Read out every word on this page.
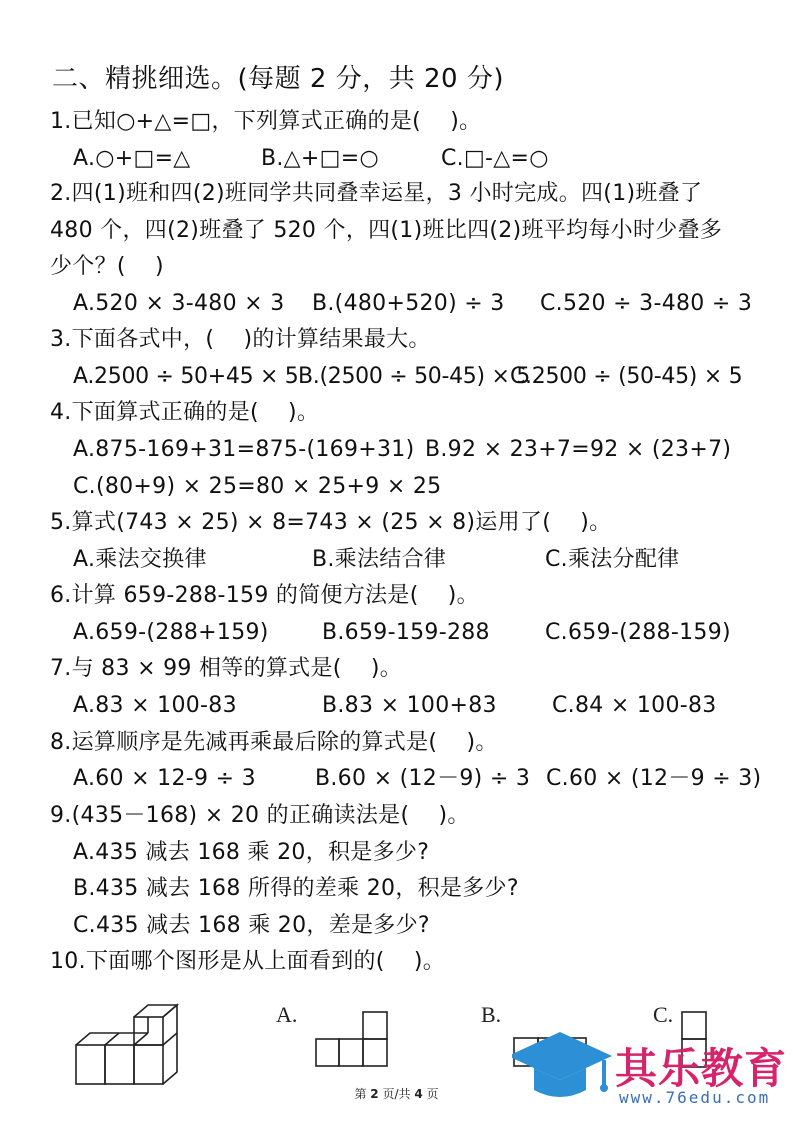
二、精挑细选。(每题 2 分，共 20 分)
1.已知○+△=□，下列算式正确的是(    )。
A.○+□=△	B.△+□=○	C.□-△=○
2.四(1)班和四(2)班同学共同叠幸运星，3 小时完成。四(1)班叠了
480 个，四(2)班叠了 520 个，四(1)班比四(2)班平均每小时少叠多
少个？(    )
A.520 × 3-480 × 3 B.(480+520) ÷ 3 C.520 ÷ 3-480 ÷ 3
3.下面各式中，(    )的计算结果最大。
A.2500 ÷ 50+45 × 5 B.(2500 ÷ 50-45) × 5
C.2500 ÷ (50-45) × 5
4.下面算式正确的是(    )。
A.875-169+31=875-(169+31) B.92 × 23+7=92 × (23+7)
C.(80+9) × 25=80 × 25+9 × 25
5.算式(743 × 25) × 8=743 × (25 × 8)运用了(    )。
A.乘法交换律	B.乘法结合律	C.乘法分配律
6.计算 659-288-159 的简便方法是(    )。
A.659-(288+159) B.659-159-288	C.659-(288-159)
7.与 83 × 99 相等的算式是(    )。
A.83 × 100-83	B.83 × 100+83	C.84 × 100-83
8.运算顺序是先减再乘最后除的算式是(    )。
A.60 × 12-9 ÷ 3	B.60 × (12－9) ÷ 3 C.60 × (12－9 ÷ 3)
9.(435－168) × 20 的正确读法是(    )。
A.435 减去 168 乘 20，积是多少?
B.435 减去 168 所得的差乘 20，积是多少?
C.435 减去 168 乘 20，差是多少?
10.下面哪个图形是从上面看到的(    )。
A.	B.	C.
其乐教育
www.76edu.com
第 2 页/共 4 页
